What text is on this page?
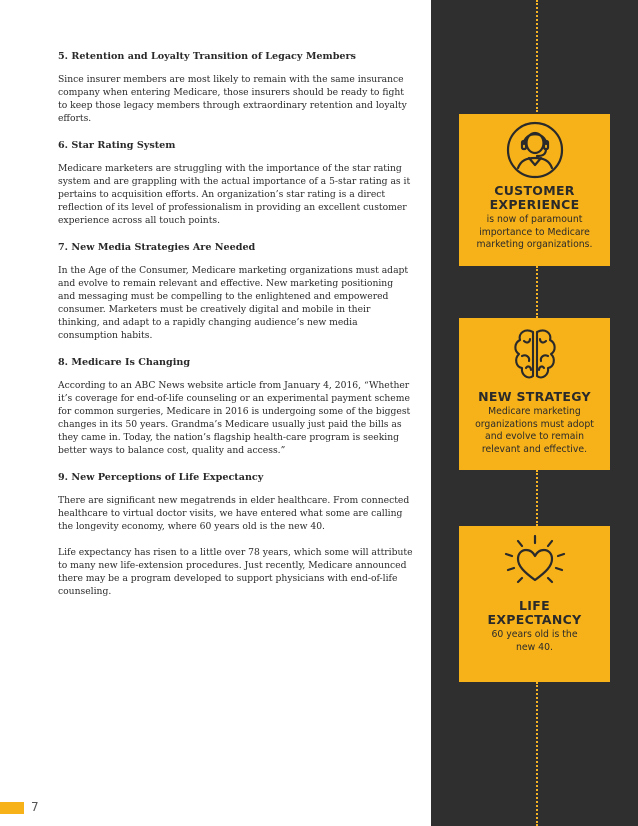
5. Retention and Loyalty Transition of Legacy Members
Since insurer members are most likely to remain with the same insurance company when entering Medicare, those insurers should be ready to fight to keep those legacy members through extraordinary retention and loyalty efforts.
6. Star Rating System
Medicare marketers are struggling with the importance of the star rating system and are grappling with the actual importance of a 5-star rating as it pertains to acquisition efforts. An organization’s star rating is a direct reflection of its level of professionalism in providing an excellent customer experience across all touch points.
7. New Media Strategies Are Needed
In the Age of the Consumer, Medicare marketing organizations must adapt and evolve to remain relevant and effective. New marketing positioning and messaging must be compelling to the enlightened and empowered consumer. Marketers must be creatively digital and mobile in their thinking, and adapt to a rapidly changing audience’s new media consumption habits.
8. Medicare Is Changing
According to an ABC News website article from January 4, 2016, “Whether it’s coverage for end-of-life counseling or an experimental payment scheme for common surgeries, Medicare in 2016 is undergoing some of the biggest changes in its 50 years. Grandma’s Medicare usually just paid the bills as they came in. Today, the nation’s flagship health-care program is seeking better ways to balance cost, quality and access.”
9. New Perceptions of Life Expectancy
There are significant new megatrends in elder healthcare. From connected healthcare to virtual doctor visits, we have entered what some are calling the longevity economy, where 60 years old is the new 40.
Life expectancy has risen to a little over 78 years, which some will attribute to many new life-extension procedures. Just recently, Medicare announced there may be a program developed to support physicians with end-of-life counseling.
CUSTOMER
EXPERIENCE
is now of paramount importance to Medicare marketing organizations.
NEW STRATEGY
Medicare marketing organizations must adopt and evolve to remain relevant and effective.
LIFE
EXPECTANCY
60 years old is the new 40.
7
